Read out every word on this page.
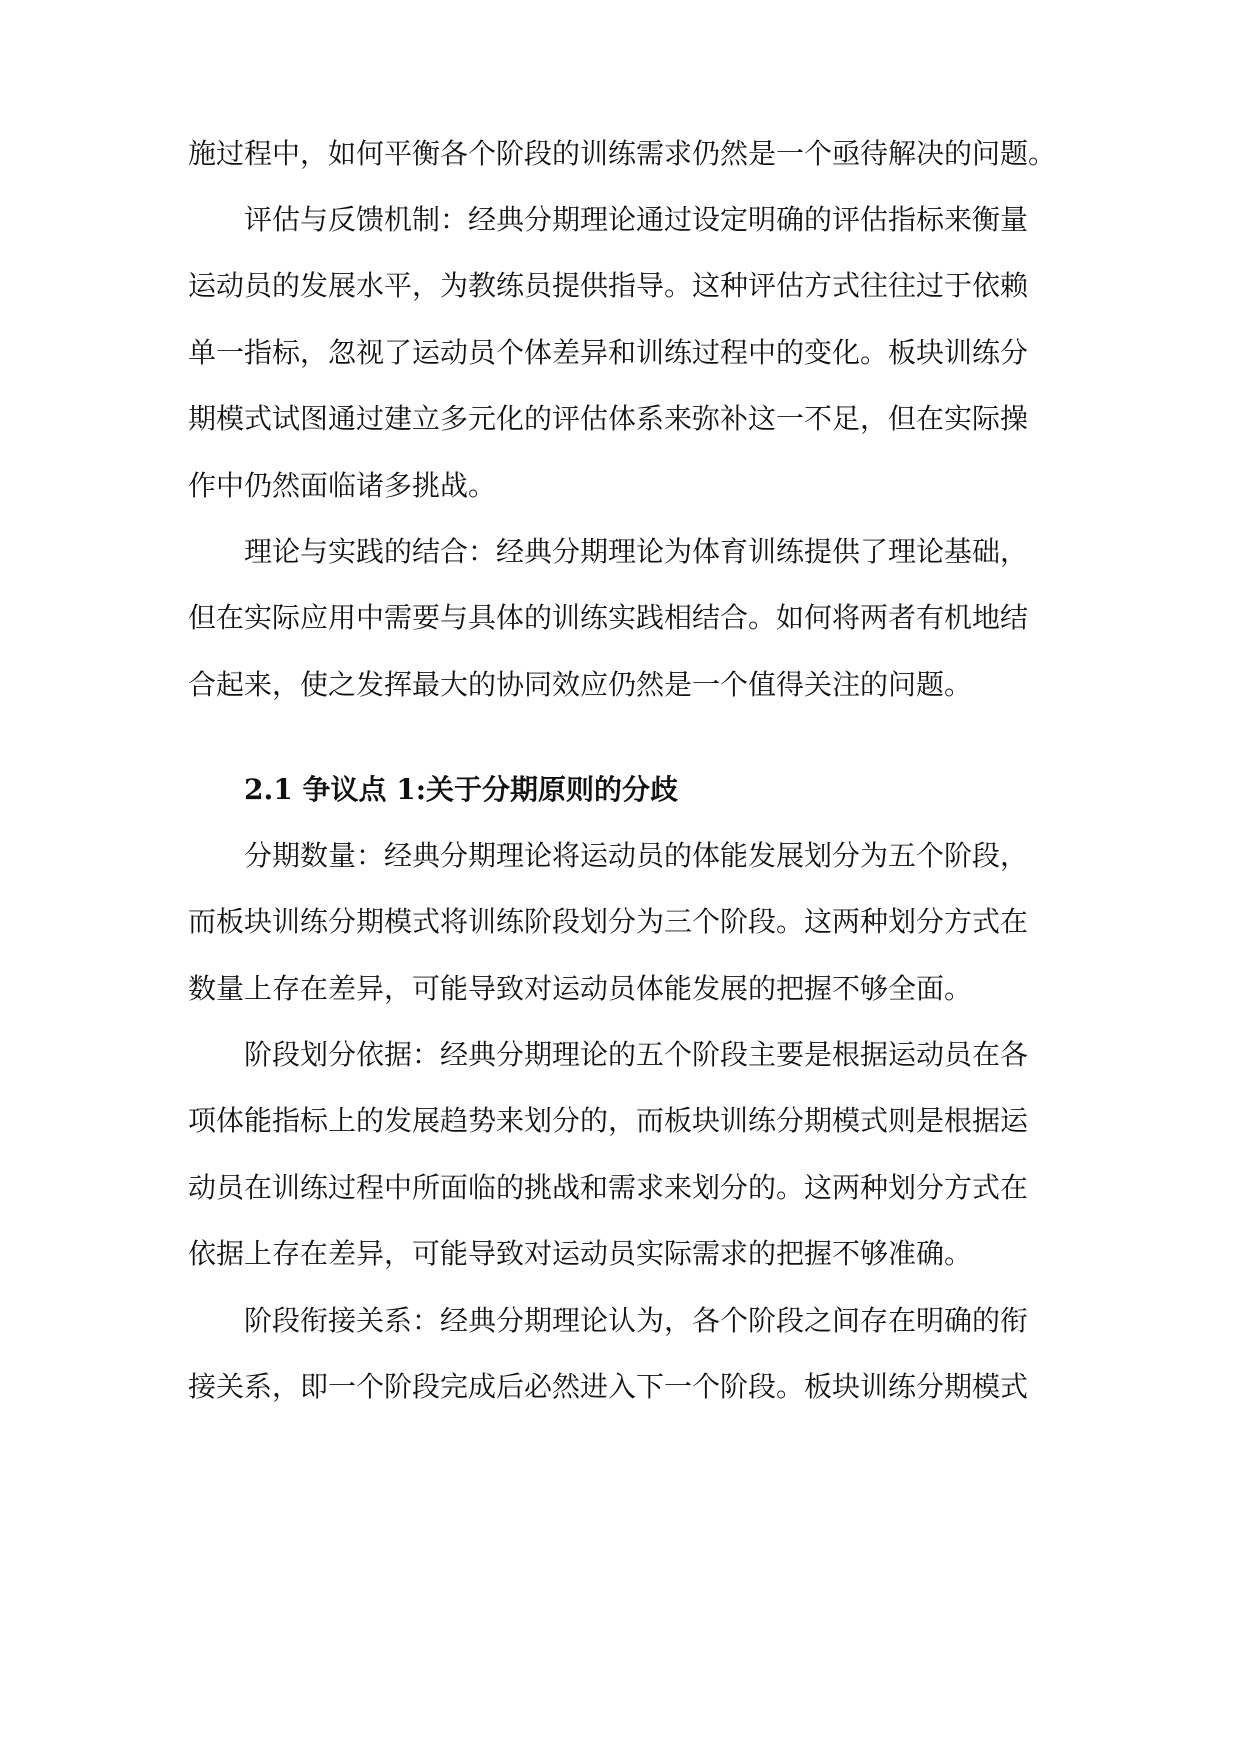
施过程中，如何平衡各个阶段的训练需求仍然是一个亟待解决的问题。
评估与反馈机制：经典分期理论通过设定明确的评估指标来衡量
运动员的发展水平，为教练员提供指导。这种评估方式往往过于依赖
单一指标，忽视了运动员个体差异和训练过程中的变化。板块训练分
期模式试图通过建立多元化的评估体系来弥补这一不足，但在实际操
作中仍然面临诸多挑战。
理论与实践的结合：经典分期理论为体育训练提供了理论基础，
但在实际应用中需要与具体的训练实践相结合。如何将两者有机地结
合起来，使之发挥最大的协同效应仍然是一个值得关注的问题。
2.1 争议点 1:关于分期原则的分歧
分期数量：经典分期理论将运动员的体能发展划分为五个阶段，
而板块训练分期模式将训练阶段划分为三个阶段。这两种划分方式在
数量上存在差异，可能导致对运动员体能发展的把握不够全面。
阶段划分依据：经典分期理论的五个阶段主要是根据运动员在各
项体能指标上的发展趋势来划分的，而板块训练分期模式则是根据运
动员在训练过程中所面临的挑战和需求来划分的。这两种划分方式在
依据上存在差异，可能导致对运动员实际需求的把握不够准确。
阶段衔接关系：经典分期理论认为，各个阶段之间存在明确的衔
接关系，即一个阶段完成后必然进入下一个阶段。板块训练分期模式
